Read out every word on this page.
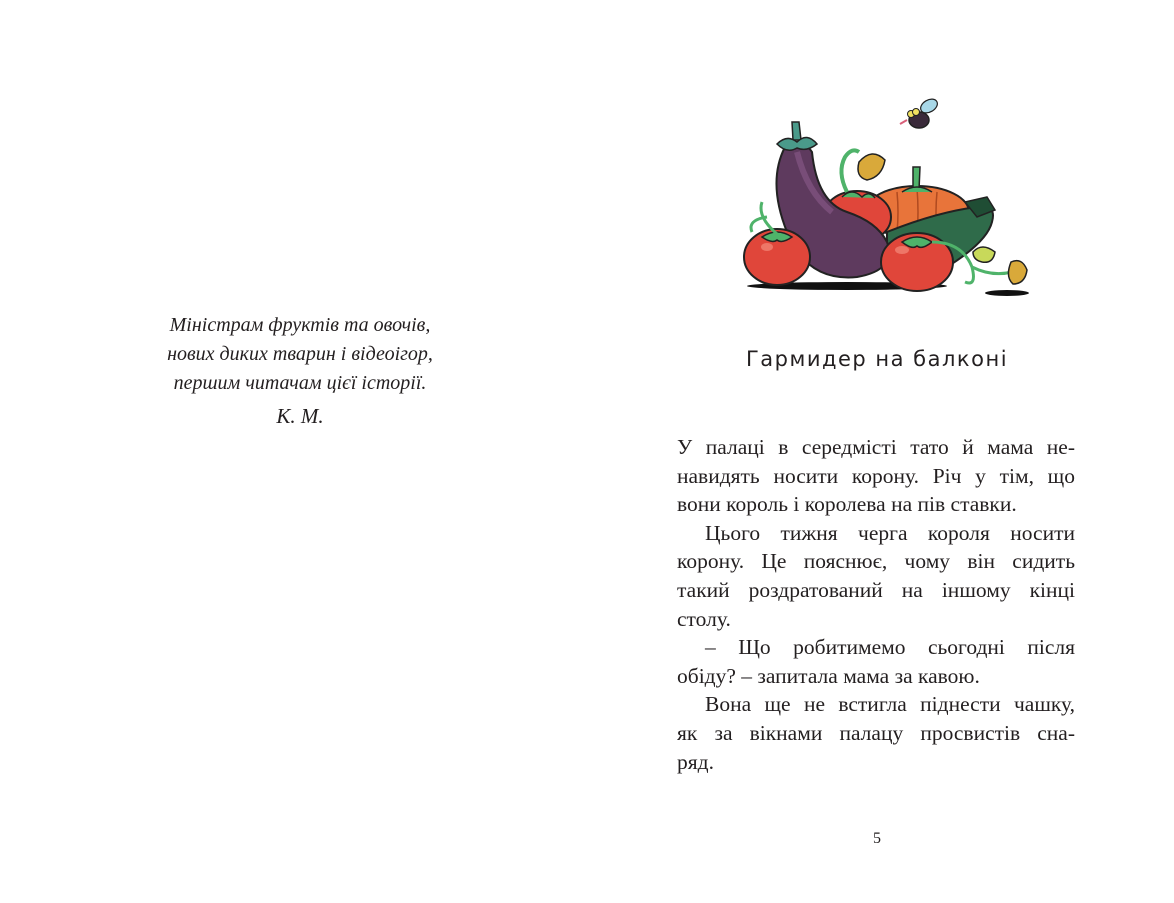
Міністрам фруктів та овочів,
нових диких тварин і відеоігор,
першим читачам цієї історії.
К. М.
Гармидер на балконі
У палаці в середмісті тато й мама не-
навидять носити корону. Річ у тім, що
вони король і королева на пів ставки.
Цього тижня черга короля носити
корону. Це пояснює, чому він сидить
такий роздратований на іншому кінці
столу.
– Що робитимемо сьогодні після
обіду? – запитала мама за кавою.
Вона ще не встигла піднести чашку,
як за вікнами палацу просвистів сна-
ряд.
5
